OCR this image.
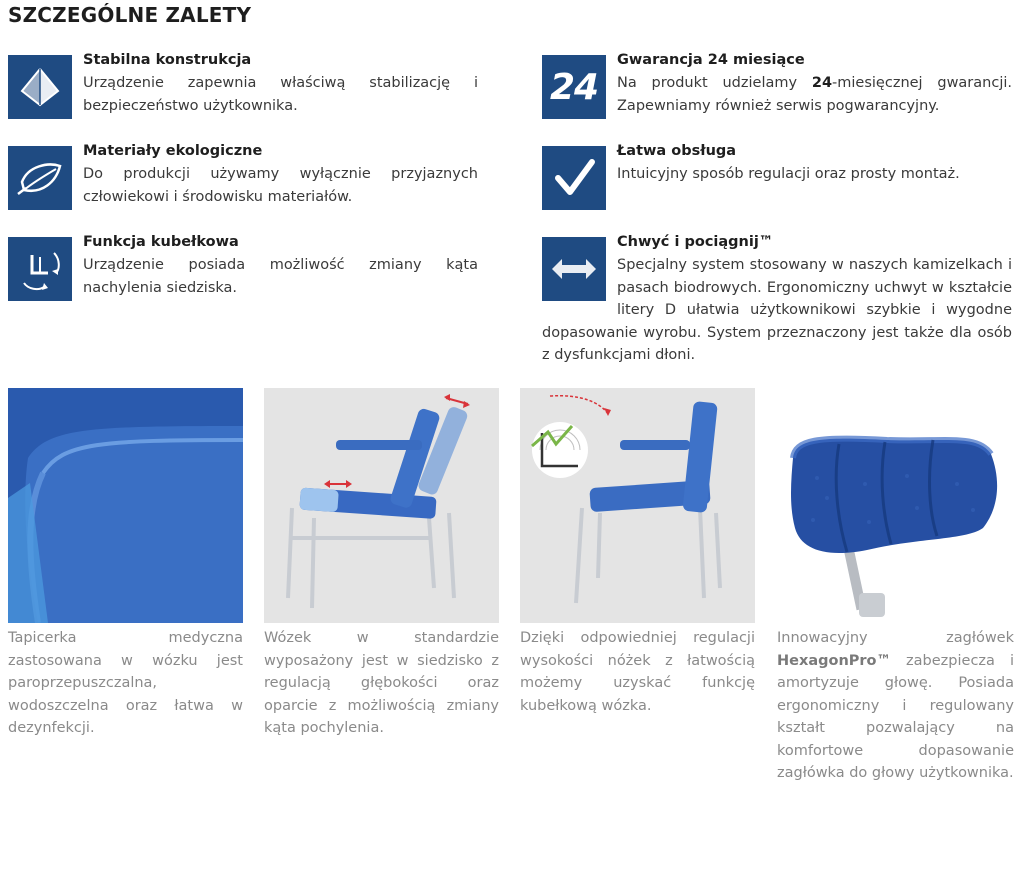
SZCZEGÓLNE ZALETY
Stabilna konstrukcja
Urządzenie zapewnia właściwą stabilizację i bezpieczeństwo użytkownika.
Materiały ekologiczne
Do produkcji używamy wyłącznie przyjaznych człowiekowi i środowisku materiałów.
Funkcja kubełkowa
Urządzenie posiada możliwość zmiany kąta nachylenia siedziska.
24
Gwarancja 24 miesiące
Na produkt udzielamy 24-miesięcznej gwarancji. Zapewniamy również serwis pogwarancyjny.
Łatwa obsługa
Intuicyjny sposób regulacji oraz prosty montaż.
Chwyć i pociągnij™
Specjalny system stosowany w naszych kamizelkach i pasach biodrowych. Ergonomiczny uchwyt w kształcie litery D ułatwia użytkownikowi szybkie i wygodne dopasowanie wyrobu. System przeznaczony jest także dla osób z dysfunkcjami dłoni.
Tapicerka medyczna zastosowana w wózku jest paroprzepuszczalna, wodoszczelna oraz łatwa w dezynfekcji.
Wózek w standardzie wyposażony jest w siedzisko z regulacją głębokości oraz oparcie z możliwością zmiany kąta pochylenia.
Dzięki odpowiedniej regulacji wysokości nóżek z łatwością możemy uzyskać funkcję kubełkową wózka.
Innowacyjny zagłówek HexagonPro™ zabezpiecza i amortyzuje głowę. Posiada ergonomiczny i regulowany kształt pozwalający na komfortowe dopasowanie zagłówka do głowy użytkownika.
